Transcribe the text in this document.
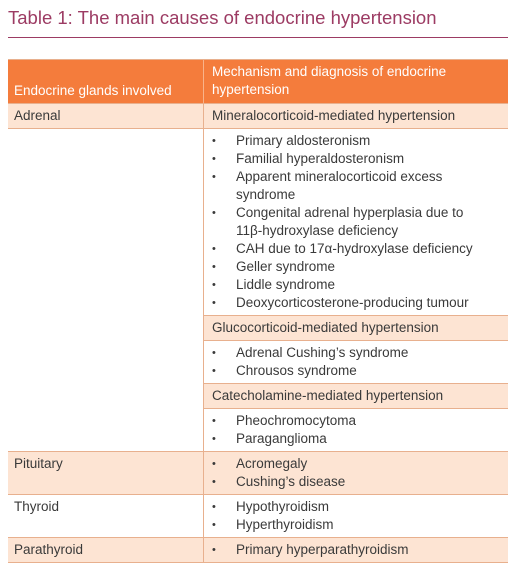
Table 1: The main causes of endocrine hypertension
Endocrine glands involved
Mechanism and diagnosis of endocrine hypertension
Adrenal	Mineralocorticoid-mediated hypertension
•	Primary aldosteronism
•	Familial hyperaldosteronism
•	Apparent mineralocorticoid excess syndrome
•	Congenital adrenal hyperplasia due to 11β-hydroxylase deficiency
•	CAH due to 17α-hydroxylase deficiency
•	Geller syndrome
•	Liddle syndrome
•	Deoxycorticosterone-producing tumour
Glucocorticoid-mediated hypertension
•	Adrenal Cushing’s syndrome
•	Chrousos syndrome
Catecholamine-mediated hypertension
•	Pheochromocytoma
•	Paraganglioma
Pituitary	•	Acromegaly
•	Cushing’s disease
Thyroid	•	Hypothyroidism
•	Hyperthyroidism
Parathyroid	•	Primary hyperparathyroidism
